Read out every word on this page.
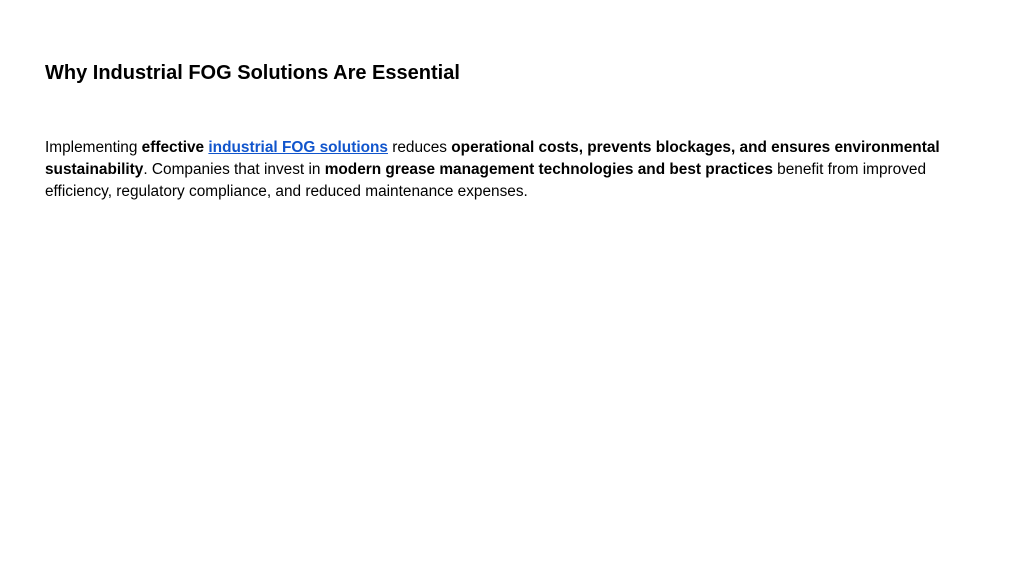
Why Industrial FOG Solutions Are Essential

Implementing effective industrial FOG solutions reduces operational costs, prevents blockages, and ensures environmental sustainability. Companies that invest in modern grease management technologies and best practices benefit from improved efficiency, regulatory compliance, and reduced maintenance expenses.
